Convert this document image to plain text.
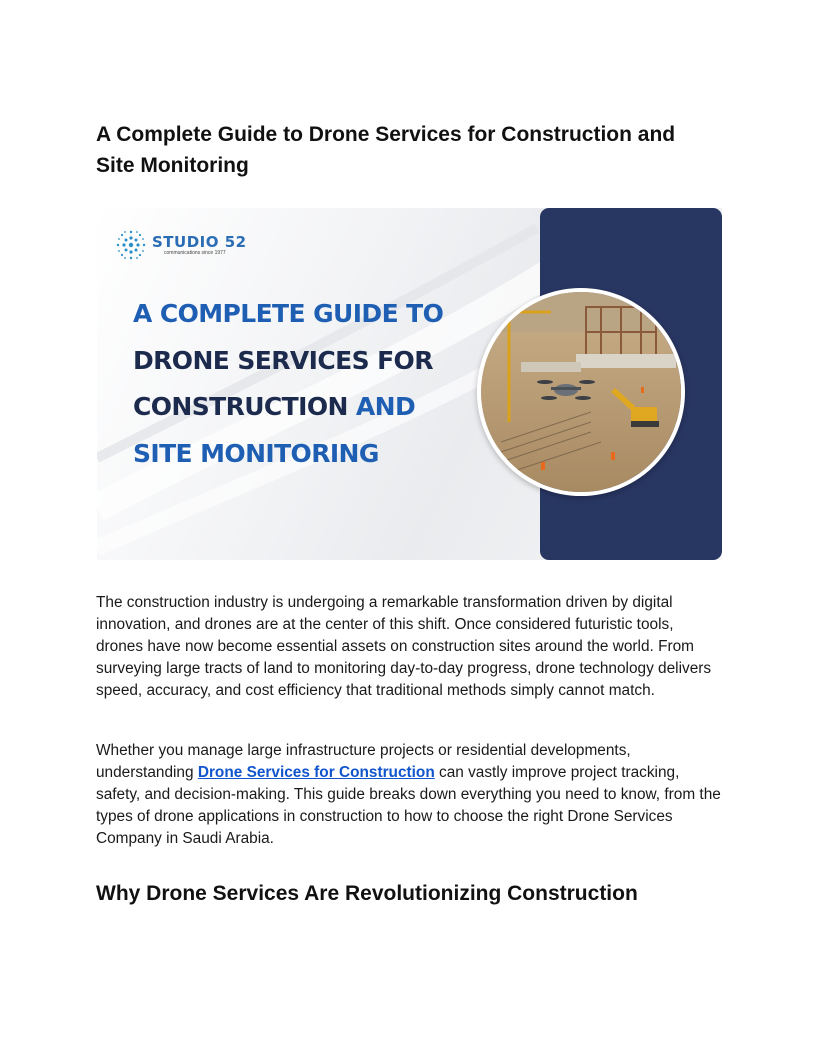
A Complete Guide to Drone Services for Construction and Site Monitoring
STUDIO 52
communications since 1977
A COMPLETE GUIDE TO
DRONE SERVICES FOR
CONSTRUCTION AND
SITE MONITORING

The construction industry is undergoing a remarkable transformation driven by digital innovation, and drones are at the center of this shift. Once considered futuristic tools, drones have now become essential assets on construction sites around the world. From surveying large tracts of land to monitoring day-to-day progress, drone technology delivers speed, accuracy, and cost efficiency that traditional methods simply cannot match.

Whether you manage large infrastructure projects or residential developments, understanding Drone Services for Construction can vastly improve project tracking, safety, and decision-making. This guide breaks down everything you need to know, from the types of drone applications in construction to how to choose the right Drone Services Company in Saudi Arabia.

Why Drone Services Are Revolutionizing Construction
